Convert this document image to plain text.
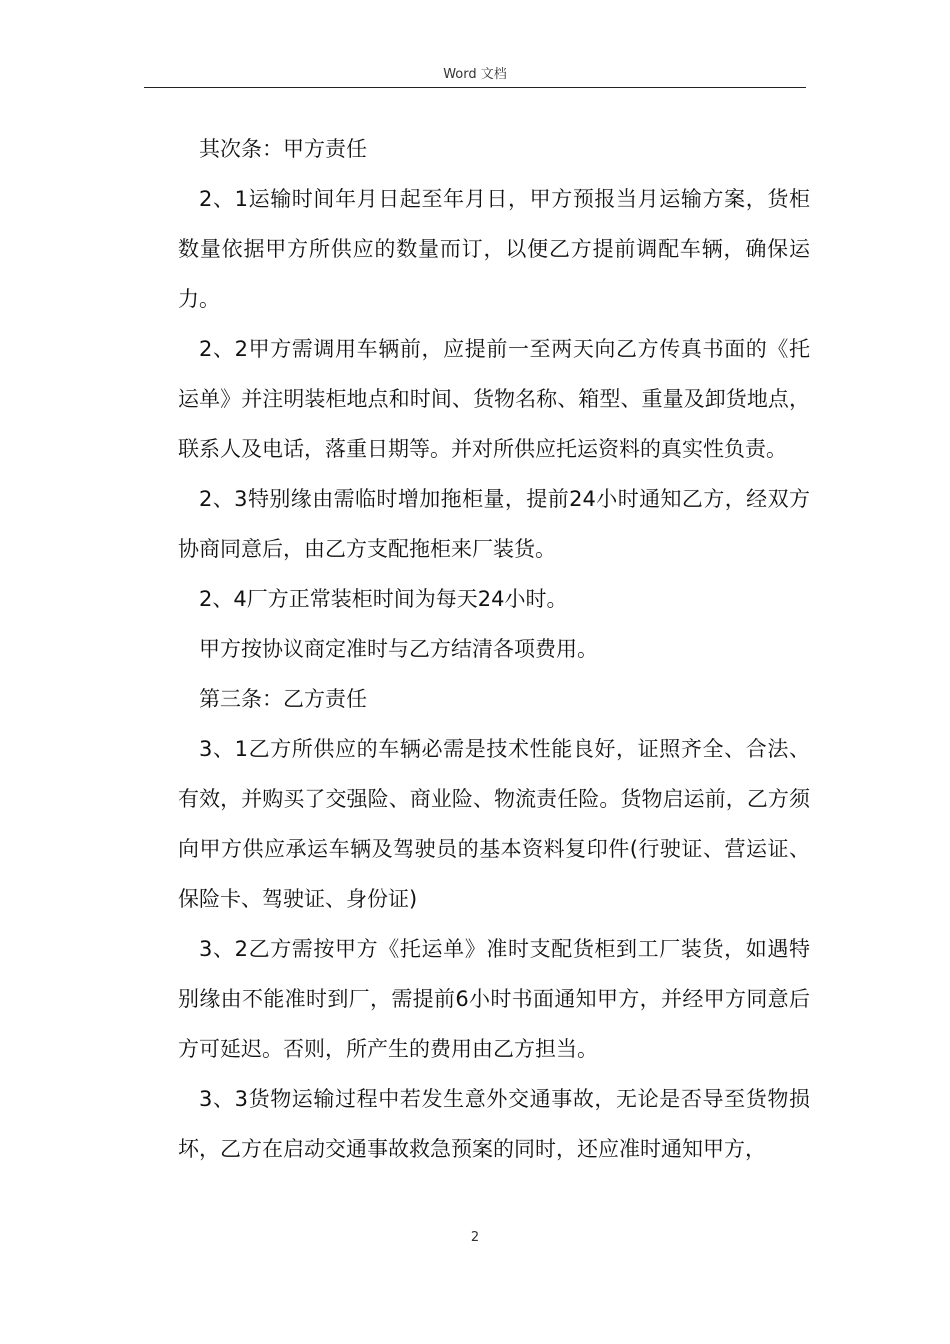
Word 文档

其次条：甲方责任

2、1运输时间年月日起至年月日，甲方预报当月运输方案，货柜数量依据甲方所供应的数量而订，以便乙方提前调配车辆，确保运力。

2、2甲方需调用车辆前，应提前一至两天向乙方传真书面的《托运单》并注明装柜地点和时间、货物名称、箱型、重量及卸货地点，联系人及电话，落重日期等。并对所供应托运资料的真实性负责。

2、3特别缘由需临时增加拖柜量，提前24小时通知乙方，经双方协商同意后，由乙方支配拖柜来厂装货。

2、4厂方正常装柜时间为每天24小时。

甲方按协议商定准时与乙方结清各项费用。

第三条：乙方责任

3、1乙方所供应的车辆必需是技术性能良好，证照齐全、合法、有效，并购买了交强险、商业险、物流责任险。货物启运前，乙方须向甲方供应承运车辆及驾驶员的基本资料复印件(行驶证、营运证、保险卡、驾驶证、身份证)

3、2乙方需按甲方《托运单》准时支配货柜到工厂装货，如遇特别缘由不能准时到厂，需提前6小时书面通知甲方，并经甲方同意后方可延迟。否则，所产生的费用由乙方担当。

3、3货物运输过程中若发生意外交通事故，无论是否导至货物损坏，乙方在启动交通事故救急预案的同时，还应准时通知甲方，

2
